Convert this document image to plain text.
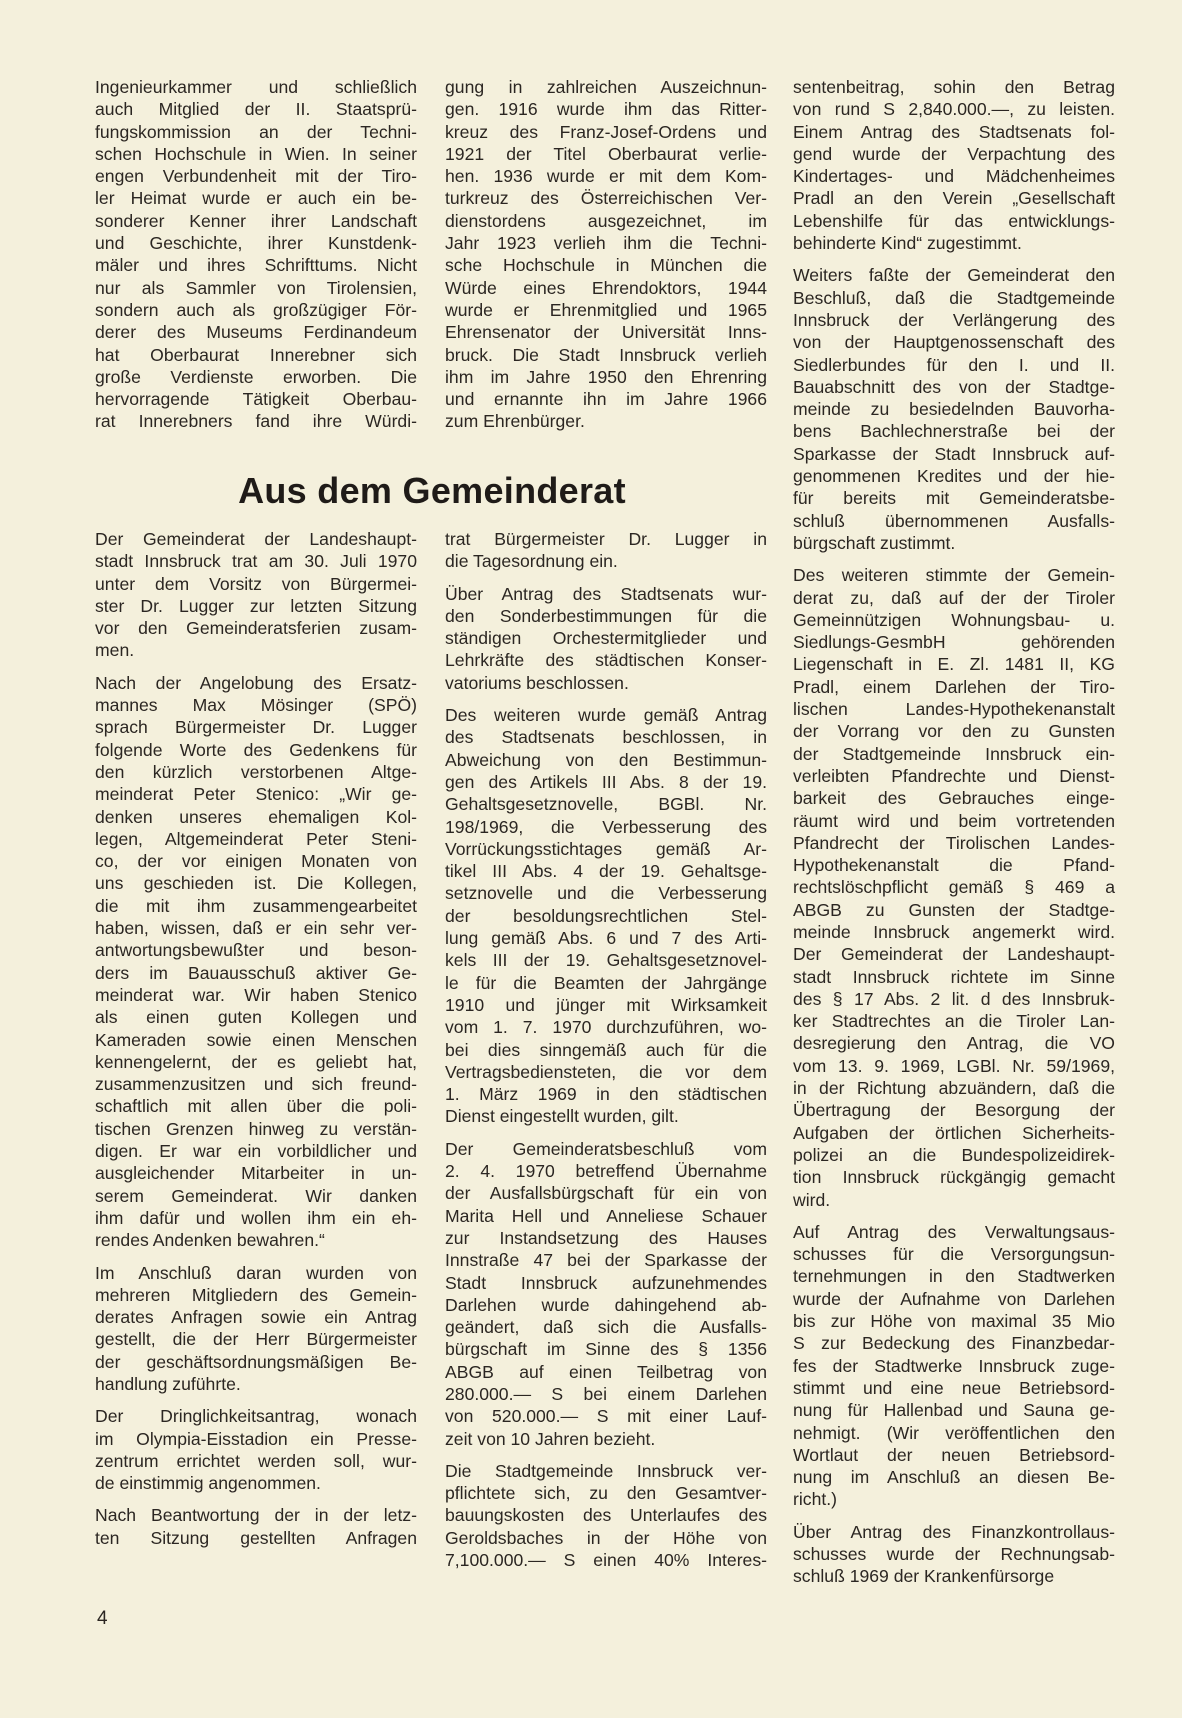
Ingenieurkammer und schließlich
auch Mitglied der II. Staatsprü-
fungskommission an der Techni-
schen Hochschule in Wien. In seiner
engen Verbundenheit mit der Tiro-
ler Heimat wurde er auch ein be-
sonderer Kenner ihrer Landschaft
und Geschichte, ihrer Kunstdenk-
mäler und ihres Schrifttums. Nicht
nur als Sammler von Tirolensien,
sondern auch als großzügiger För-
derer des Museums Ferdinandeum
hat Oberbaurat Innerebner sich
große Verdienste erworben. Die
hervorragende Tätigkeit Oberbau-
rat Innerebners fand ihre Würdi-
gung in zahlreichen Auszeichnun-
gen. 1916 wurde ihm das Ritter-
kreuz des Franz-Josef-Ordens und
1921 der Titel Oberbaurat verlie-
hen. 1936 wurde er mit dem Kom-
turkreuz des Österreichischen Ver-
dienstordens ausgezeichnet, im
Jahr 1923 verlieh ihm die Techni-
sche Hochschule in München die
Würde eines Ehrendoktors, 1944
wurde er Ehrenmitglied und 1965
Ehrensenator der Universität Inns-
bruck. Die Stadt Innsbruck verlieh
ihm im Jahre 1950 den Ehrenring
und ernannte ihn im Jahre 1966
zum Ehrenbürger.
sentenbeitrag, sohin den Betrag
von rund S 2,840.000.—, zu leisten.
Einem Antrag des Stadtsenats fol-
gend wurde der Verpachtung des
Kindertages- und Mädchenheimes
Pradl an den Verein „Gesellschaft
Lebenshilfe für das entwicklungs-
behinderte Kind“ zugestimmt.
Weiters faßte der Gemeinderat den
Beschluß, daß die Stadtgemeinde
Innsbruck der Verlängerung des
von der Hauptgenossenschaft des
Siedlerbundes für den I. und II.
Bauabschnitt des von der Stadtge-
meinde zu besiedelnden Bauvorha-
bens Bachlechnerstraße bei der
Sparkasse der Stadt Innsbruck auf-
genommenen Kredites und der hie-
für bereits mit Gemeinderatsbe-
schluß übernommenen Ausfalls-
bürgschaft zustimmt.
Des weiteren stimmte der Gemein-
derat zu, daß auf der der Tiroler
Gemeinnützigen Wohnungsbau- u.
Siedlungs-GesmbH gehörenden
Liegenschaft in E. Zl. 1481 II, KG
Pradl, einem Darlehen der Tiro-
lischen Landes-Hypothekenanstalt
der Vorrang vor den zu Gunsten
der Stadtgemeinde Innsbruck ein-
verleibten Pfandrechte und Dienst-
barkeit des Gebrauches einge-
räumt wird und beim vortretenden
Pfandrecht der Tirolischen Landes-
Hypothekenanstalt die Pfand-
rechtslöschpflicht gemäß § 469 a
ABGB zu Gunsten der Stadtge-
meinde Innsbruck angemerkt wird.
Der Gemeinderat der Landeshaupt-
stadt Innsbruck richtete im Sinne
des § 17 Abs. 2 lit. d des Innsbruk-
ker Stadtrechtes an die Tiroler Lan-
desregierung den Antrag, die VO
vom 13. 9. 1969, LGBl. Nr. 59/1969,
in der Richtung abzuändern, daß die
Übertragung der Besorgung der
Aufgaben der örtlichen Sicherheits-
polizei an die Bundespolizeidirek-
tion Innsbruck rückgängig gemacht
wird.
Auf Antrag des Verwaltungsaus-
schusses für die Versorgungsun-
ternehmungen in den Stadtwerken
wurde der Aufnahme von Darlehen
bis zur Höhe von maximal 35 Mio
S zur Bedeckung des Finanzbedar-
fes der Stadtwerke Innsbruck zuge-
stimmt und eine neue Betriebsord-
nung für Hallenbad und Sauna ge-
nehmigt. (Wir veröffentlichen den
Wortlaut der neuen Betriebsord-
nung im Anschluß an diesen Be-
richt.)
Über Antrag des Finanzkontrollaus-
schusses wurde der Rechnungsab-
schluß 1969 der Krankenfürsorge
Aus dem Gemeinderat
Der Gemeinderat der Landeshaupt-
stadt Innsbruck trat am 30. Juli 1970
unter dem Vorsitz von Bürgermei-
ster Dr. Lugger zur letzten Sitzung
vor den Gemeinderatsferien zusam-
men.
Nach der Angelobung des Ersatz-
mannes Max Mösinger (SPÖ)
sprach Bürgermeister Dr. Lugger
folgende Worte des Gedenkens für
den kürzlich verstorbenen Altge-
meinderat Peter Stenico: „Wir ge-
denken unseres ehemaligen Kol-
legen, Altgemeinderat Peter Steni-
co, der vor einigen Monaten von
uns geschieden ist. Die Kollegen,
die mit ihm zusammengearbeitet
haben, wissen, daß er ein sehr ver-
antwortungsbewußter und beson-
ders im Bauausschuß aktiver Ge-
meinderat war. Wir haben Stenico
als einen guten Kollegen und
Kameraden sowie einen Menschen
kennengelernt, der es geliebt hat,
zusammenzusitzen und sich freund-
schaftlich mit allen über die poli-
tischen Grenzen hinweg zu verstän-
digen. Er war ein vorbildlicher und
ausgleichender Mitarbeiter in un-
serem Gemeinderat. Wir danken
ihm dafür und wollen ihm ein eh-
rendes Andenken bewahren.“
Im Anschluß daran wurden von
mehreren Mitgliedern des Gemein-
derates Anfragen sowie ein Antrag
gestellt, die der Herr Bürgermeister
der geschäftsordnungsmäßigen Be-
handlung zuführte.
Der Dringlichkeitsantrag, wonach
im Olympia-Eisstadion ein Presse-
zentrum errichtet werden soll, wur-
de einstimmig angenommen.
Nach Beantwortung der in der letz-
ten Sitzung gestellten Anfragen
trat Bürgermeister Dr. Lugger in
die Tagesordnung ein.
Über Antrag des Stadtsenats wur-
den Sonderbestimmungen für die
ständigen Orchestermitglieder und
Lehrkräfte des städtischen Konser-
vatoriums beschlossen.
Des weiteren wurde gemäß Antrag
des Stadtsenats beschlossen, in
Abweichung von den Bestimmun-
gen des Artikels III Abs. 8 der 19.
Gehaltsgesetznovelle, BGBl. Nr.
198/1969, die Verbesserung des
Vorrückungsstichtages gemäß Ar-
tikel III Abs. 4 der 19. Gehaltsge-
setznovelle und die Verbesserung
der besoldungsrechtlichen Stel-
lung gemäß Abs. 6 und 7 des Arti-
kels III der 19. Gehaltsgesetznovel-
le für die Beamten der Jahrgänge
1910 und jünger mit Wirksamkeit
vom 1. 7. 1970 durchzuführen, wo-
bei dies sinngemäß auch für die
Vertragsbediensteten, die vor dem
1. März 1969 in den städtischen
Dienst eingestellt wurden, gilt.
Der Gemeinderatsbeschluß vom
2. 4. 1970 betreffend Übernahme
der Ausfallsbürgschaft für ein von
Marita Hell und Anneliese Schauer
zur Instandsetzung des Hauses
Innstraße 47 bei der Sparkasse der
Stadt Innsbruck aufzunehmendes
Darlehen wurde dahingehend ab-
geändert, daß sich die Ausfalls-
bürgschaft im Sinne des § 1356
ABGB auf einen Teilbetrag von
280.000.— S bei einem Darlehen
von 520.000.— S mit einer Lauf-
zeit von 10 Jahren bezieht.
Die Stadtgemeinde Innsbruck ver-
pflichtete sich, zu den Gesamtver-
bauungskosten des Unterlaufes des
Geroldsbaches in der Höhe von
7,100.000.— S einen 40% Interes-
4
